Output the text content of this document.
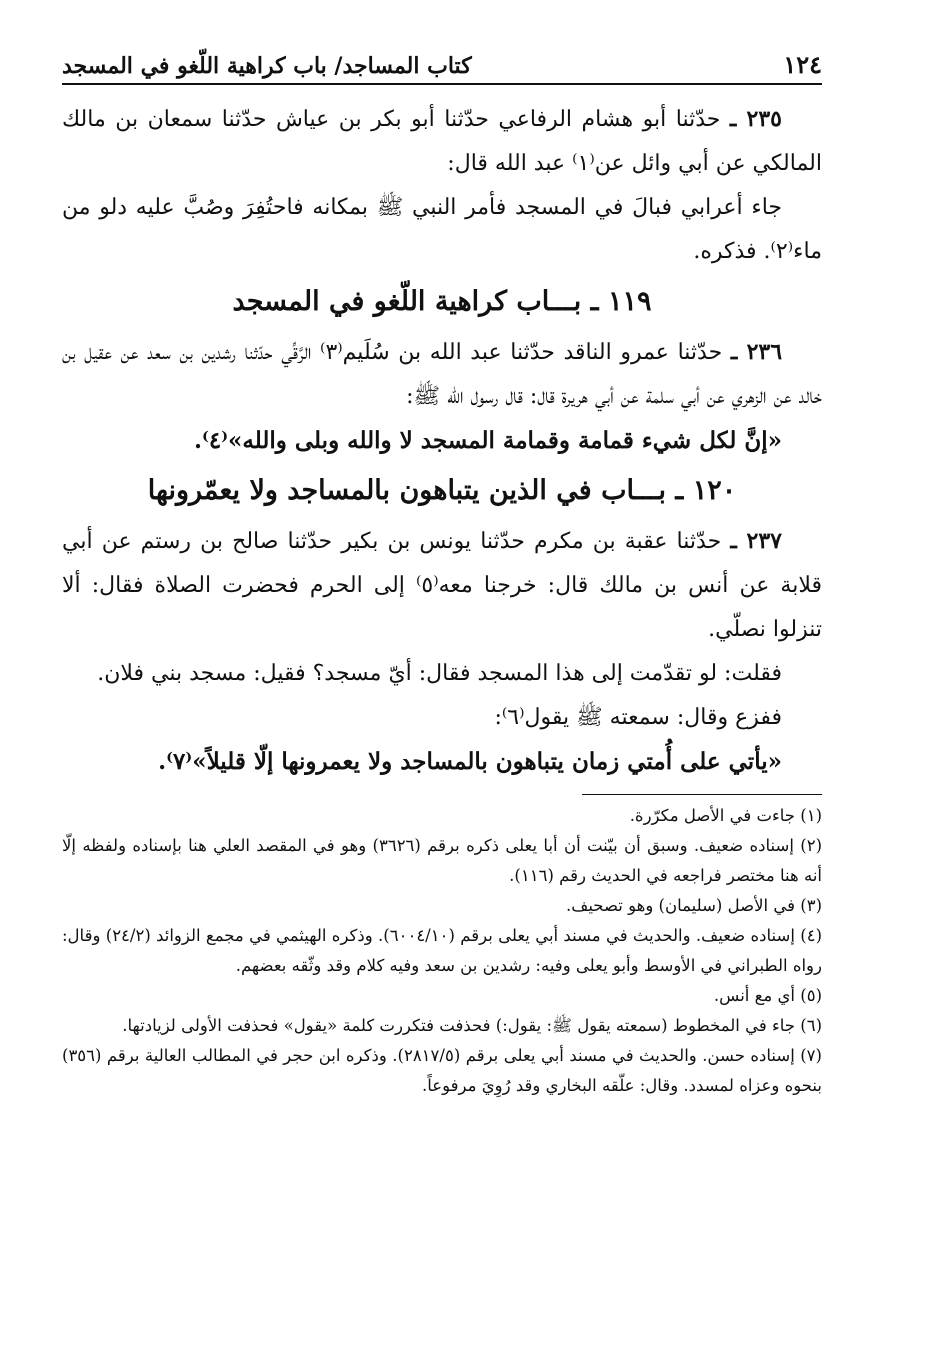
١٢٤
كتاب المساجد/ باب كراهية اللّغو في المسجد

٢٣٥ ـ حدّثنا أبو هشام الرفاعي حدّثنا أبو بكر بن عياش حدّثنا سمعان بن مالك المالكي عن أبي وائل عن⁽١⁾ عبد الله قال:

جاء أعرابي فبالَ في المسجد فأمر النبي ﷺ بمكانه فاحتُفِرَ وصُبَّ عليه دلو من ماء⁽٢⁾. فذكره.

١١٩ ـ بـــاب كراهية اللّغو في المسجد

٢٣٦ ـ حدّثنا عمرو الناقد حدّثنا عبد الله بن سُلَيم⁽٣⁾ الرَّقِّي حدّثنا رشدين بن سعد عن عقيل بن خالد عن الزهري عن أبي سلمة عن أبي هريرة قال: قال رسول الله ﷺ:

«إنَّ لكل شيء قمامة وقمامة المسجد لا والله وبلى والله»⁽٤⁾.

١٢٠ ـ بـــاب في الذين يتباهون بالمساجد ولا يعمّرونها

٢٣٧ ـ حدّثنا عقبة بن مكرم حدّثنا يونس بن بكير حدّثنا صالح بن رستم عن أبي قلابة عن أنس بن مالك قال: خرجنا معه⁽٥⁾ إلى الحرم فحضرت الصلاة فقال: ألا تنزلوا نصلّي.

فقلت: لو تقدّمت إلى هذا المسجد فقال: أيّ مسجد؟ فقيل: مسجد بني فلان.

ففزع وقال: سمعته ﷺ يقول⁽٦⁾:

«يأتي على أُمتي زمان يتباهون بالمساجد ولا يعمرونها إلّا قليلاً»⁽٧⁾.

(١) جاءت في الأصل مكرّرة.

(٢) إسناده ضعيف. وسبق أن بيّنت أن أبا يعلى ذكره برقم (٣٦٢٦) وهو في المقصد العلي هنا بإسناده ولفظه إلّا أنه هنا مختصر فراجعه في الحديث رقم (١١٦).

(٣) في الأصل (سليمان) وهو تصحيف.

(٤) إسناده ضعيف. والحديث في مسند أبي يعلى برقم (٦٠٠٤/١٠). وذكره الهيثمي في مجمع الزوائد (٢٤/٢) وقال: رواه الطبراني في الأوسط وأبو يعلى وفيه: رشدين بن سعد وفيه كلام وقد وثّقه بعضهم.

(٥) أي مع أنس.

(٦) جاء في المخطوط (سمعته يقول ﷺ: يقول:) فحذفت فتكررت كلمة «يقول» فحذفت الأولى لزيادتها.

(٧) إسناده حسن. والحديث في مسند أبي يعلى برقم (٢٨١٧/٥). وذكره ابن حجر في المطالب العالية برقم (٣٥٦) بنحوه وعزاه لمسدد. وقال: علّقه البخاري وقد رُوِيَ مرفوعاً.
